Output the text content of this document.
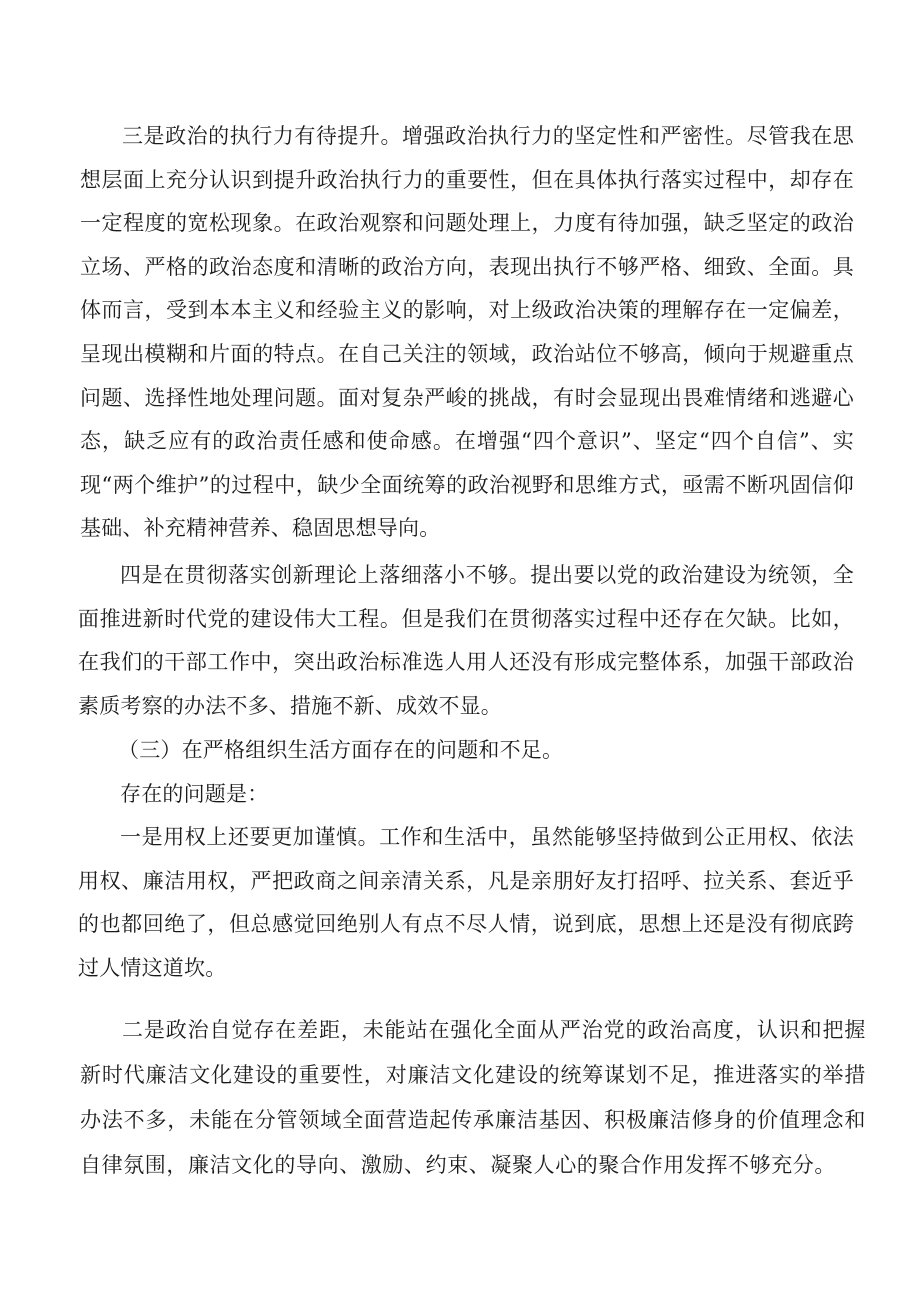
三是政治的执行力有待提升。增强政治执行力的坚定性和严密性。尽管我在思想层面上充分认识到提升政治执行力的重要性，但在具体执行落实过程中，却存在一定程度的宽松现象。在政治观察和问题处理上，力度有待加强，缺乏坚定的政治立场、严格的政治态度和清晰的政治方向，表现出执行不够严格、细致、全面。具体而言，受到本本主义和经验主义的影响，对上级政治决策的理解存在一定偏差，呈现出模糊和片面的特点。在自己关注的领域，政治站位不够高，倾向于规避重点问题、选择性地处理问题。面对复杂严峻的挑战，有时会显现出畏难情绪和逃避心态，缺乏应有的政治责任感和使命感。在增强“四个意识”、坚定“四个自信”、实现“两个维护”的过程中，缺少全面统筹的政治视野和思维方式，亟需不断巩固信仰基础、补充精神营养、稳固思想导向。

四是在贯彻落实创新理论上落细落小不够。提出要以党的政治建设为统领，全面推进新时代党的建设伟大工程。但是我们在贯彻落实过程中还存在欠缺。比如，在我们的干部工作中，突出政治标准选人用人还没有形成完整体系，加强干部政治素质考察的办法不多、措施不新、成效不显。

（三）在严格组织生活方面存在的问题和不足。

存在的问题是：

一是用权上还要更加谨慎。工作和生活中，虽然能够坚持做到公正用权、依法用权、廉洁用权，严把政商之间亲清关系，凡是亲朋好友打招呼、拉关系、套近乎的也都回绝了，但总感觉回绝别人有点不尽人情，说到底，思想上还是没有彻底跨过人情这道坎。

二是政治自觉存在差距，未能站在强化全面从严治党的政治高度，认识和把握新时代廉洁文化建设的重要性，对廉洁文化建设的统筹谋划不足，推进落实的举措办法不多，未能在分管领域全面营造起传承廉洁基因、积极廉洁修身的价值理念和自律氛围，廉洁文化的导向、激励、约束、凝聚人心的聚合作用发挥不够充分。
